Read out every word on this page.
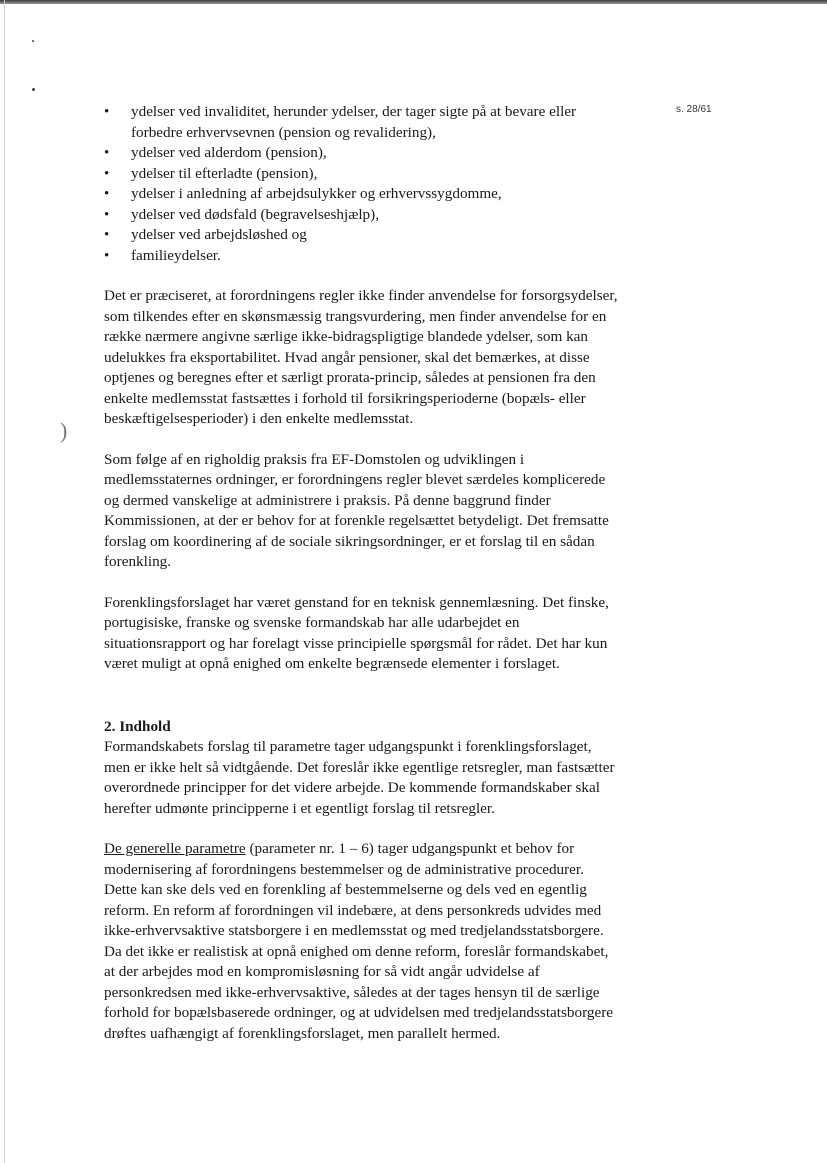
)
s. 28/61
• ydelser ved invaliditet, herunder ydelser, der tager sigte på at bevare eller forbedre erhvervsevnen (pension og revalidering),
• ydelser ved alderdom (pension),
• ydelser til efterladte (pension),
• ydelser i anledning af arbejdsulykker og erhvervssygdomme,
• ydelser ved dødsfald (begravelseshjælp),
• ydelser ved arbejdsløshed og
• familieydelser.

Det er præciseret, at forordningens regler ikke finder anvendelse for forsorgsydelser, som tilkendes efter en skønsmæssig trangsvurdering, men finder anvendelse for en række nærmere angivne særlige ikke-bidragspligtige blandede ydelser, som kan udelukkes fra eksportabilitet. Hvad angår pensioner, skal det bemærkes, at disse optjenes og beregnes efter et særligt prorata-princip, således at pensionen fra den enkelte medlemsstat fastsættes i forhold til forsikringsperioderne (bopæls- eller beskæftigelsesperioder) i den enkelte medlemsstat.

Som følge af en righoldig praksis fra EF-Domstolen og udviklingen i medlemsstaternes ordninger, er forordningens regler blevet særdeles komplicerede og dermed vanskelige at administrere i praksis. På denne baggrund finder Kommissionen, at der er behov for at forenkle regelsættet betydeligt. Det fremsatte forslag om koordinering af de sociale sikringsordninger, er et forslag til en sådan forenkling.

Forenklingsforslaget har været genstand for en teknisk gennemlæsning. Det finske, portugisiske, franske og svenske formandskab har alle udarbejdet en situationsrapport og har forelagt visse principielle spørgsmål for rådet. Det har kun været muligt at opnå enighed om enkelte begrænsede elementer i forslaget.

2. Indhold

Formandskabets forslag til parametre tager udgangspunkt i forenklingsforslaget, men er ikke helt så vidtgående. Det foreslår ikke egentlige retsregler, man fastsætter overordnede principper for det videre arbejde. De kommende formandskaber skal herefter udmønte principperne i et egentligt forslag til retsregler.

De generelle parametre (parameter nr. 1 – 6) tager udgangspunkt et behov for modernisering af forordningens bestemmelser og de administrative procedurer. Dette kan ske dels ved en forenkling af bestemmelserne og dels ved en egentlig reform. En reform af forordningen vil indebære, at dens personkreds udvides med ikke-erhvervsaktive statsborgere i en medlemsstat og med tredjelandsstatsborgere. Da det ikke er realistisk at opnå enighed om denne reform, foreslår formandskabet, at der arbejdes mod en kompromisløsning for så vidt angår udvidelse af personkredsen med ikke-erhvervsaktive, således at der tages hensyn til de særlige forhold for bopælsbaserede ordninger, og at udvidelsen med tredjelandsstatsborgere drøftes uafhængigt af forenklingsforslaget, men parallelt hermed.
